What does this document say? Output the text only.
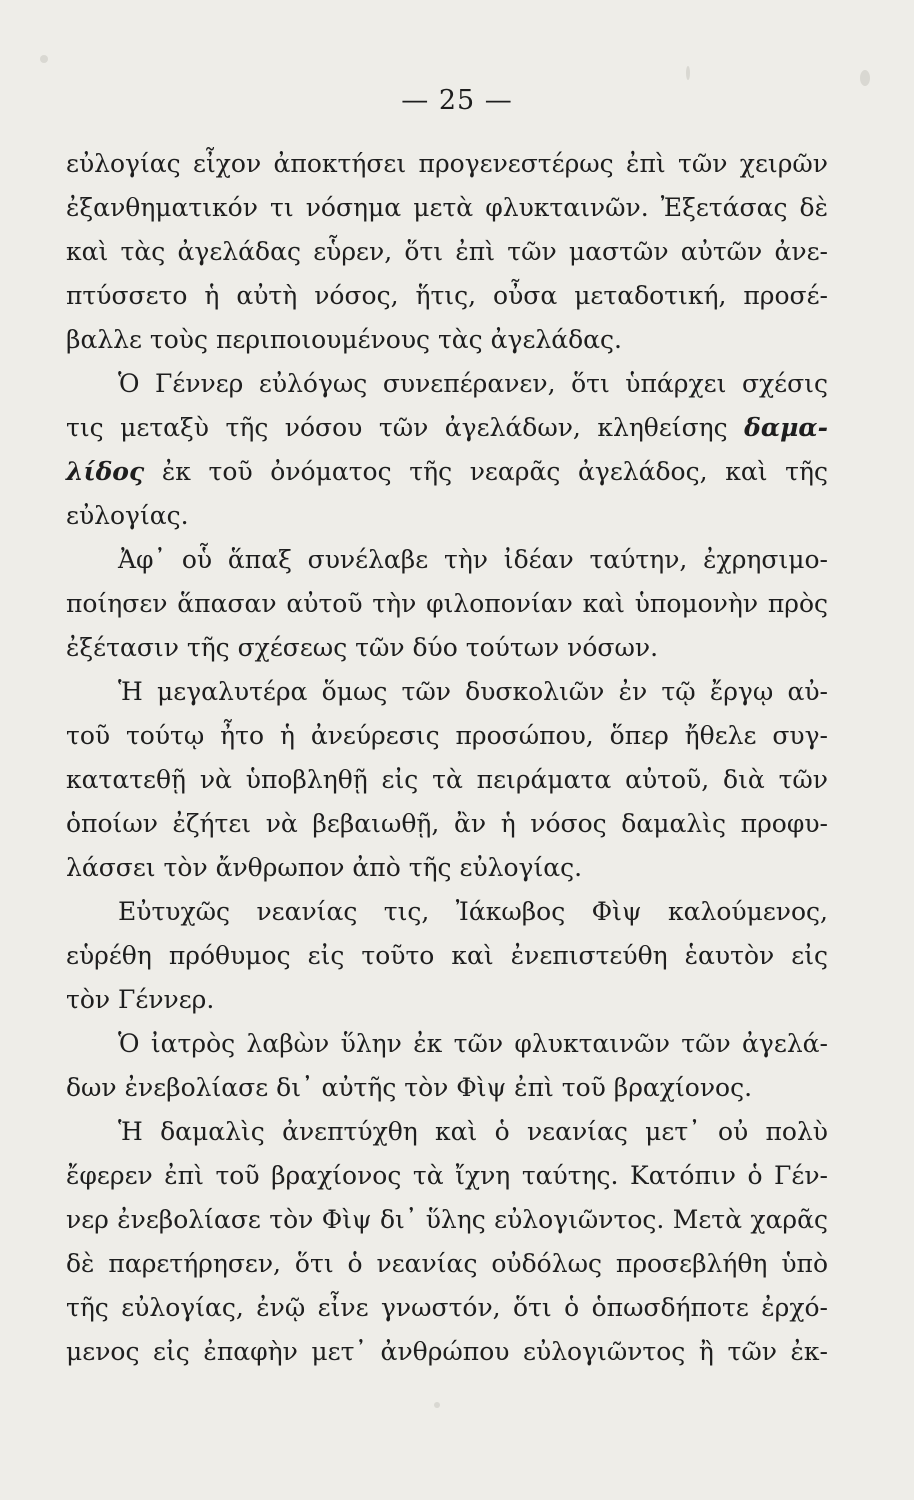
— 25 —
εὐλογίας εἶχον ἀποκτήσει προγενεστέρως ἐπὶ τῶν χειρῶν
ἐξανθηματικόν τι νόσημα μετὰ φλυκταινῶν. Ἐξετάσας δὲ
καὶ τὰς ἀγελάδας εὗρεν, ὅτι ἐπὶ τῶν μαστῶν αὐτῶν ἀνε-
πτύσσετο ἡ αὐτὴ νόσος, ἥτις, οὖσα μεταδοτική, προσέ-
βαλλε τοὺς περιποιουμένους τὰς ἀγελάδας.
Ὁ Γέννερ εὐλόγως συνεπέρανεν, ὅτι ὑπάρχει σχέσις
τις μεταξὺ τῆς νόσου τῶν ἀγελάδων, κληθείσης δαμα-
λίδος ἐκ τοῦ ὀνόματος τῆς νεαρᾶς ἀγελάδος, καὶ τῆς
εὐλογίας.
Ἀφ᾿ οὗ ἅπαξ συνέλαβε τὴν ἰδέαν ταύτην, ἐχρησιμο-
ποίησεν ἅπασαν αὐτοῦ τὴν φιλοπονίαν καὶ ὑπομονὴν πρὸς
ἐξέτασιν τῆς σχέσεως τῶν δύο τούτων νόσων.
Ἡ μεγαλυτέρα ὅμως τῶν δυσκολιῶν ἐν τῷ ἔργῳ αὐ-
τοῦ τούτῳ ἦτο ἡ ἀνεύρεσις προσώπου, ὅπερ ἤθελε συγ-
κατατεθῇ νὰ ὑποβληθῇ εἰς τὰ πειράματα αὐτοῦ, διὰ τῶν
ὁποίων ἐζήτει νὰ βεβαιωθῇ, ἂν ἡ νόσος δαμαλὶς προφυ-
λάσσει τὸν ἄνθρωπον ἀπὸ τῆς εὐλογίας.
Εὐτυχῶς νεανίας τις, Ἰάκωβος Φὶψ καλούμενος,
εὑρέθη πρόθυμος εἰς τοῦτο καὶ ἐνεπιστεύθη ἑαυτὸν εἰς
τὸν Γέννερ.
Ὁ ἰατρὸς λαβὼν ὕλην ἐκ τῶν φλυκταινῶν τῶν ἀγελά-
δων ἐνεβολίασε δι᾿ αὐτῆς τὸν Φὶψ ἐπὶ τοῦ βραχίονος.
Ἡ δαμαλὶς ἀνεπτύχθη καὶ ὁ νεανίας μετ᾿ οὐ πολὺ
ἔφερεν ἐπὶ τοῦ βραχίονος τὰ ἴχνη ταύτης. Κατόπιν ὁ Γέν-
νερ ἐνεβολίασε τὸν Φὶψ δι᾿ ὕλης εὐλογιῶντος. Μετὰ χαρᾶς
δὲ παρετήρησεν, ὅτι ὁ νεανίας οὐδόλως προσεβλήθη ὑπὸ
τῆς εὐλογίας, ἐνῷ εἶνε γνωστόν, ὅτι ὁ ὁπωσδήποτε ἐρχό-
μενος εἰς ἐπαφὴν μετ᾿ ἀνθρώπου εὐλογιῶντος ἢ τῶν ἐκ-
